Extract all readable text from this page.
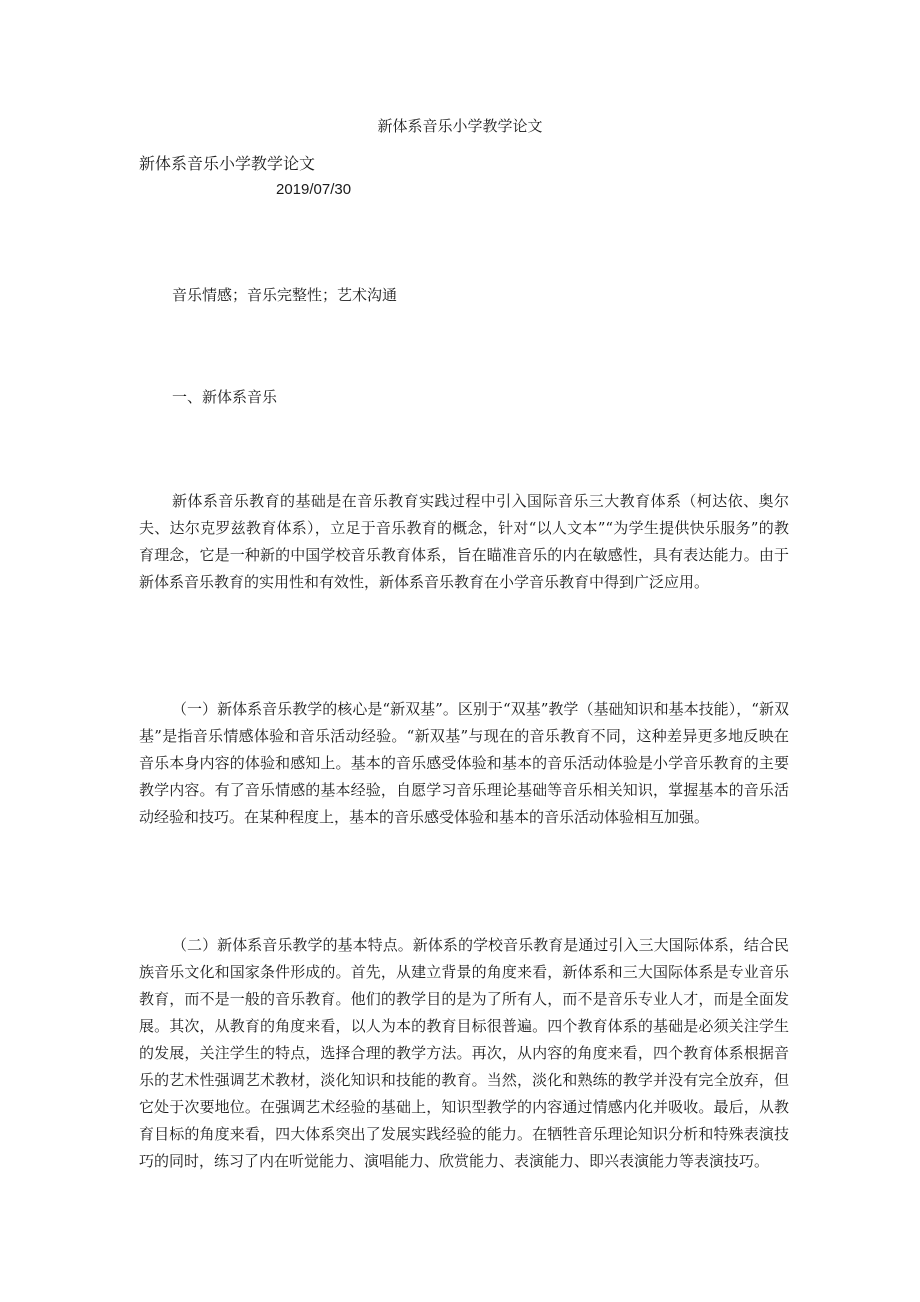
新体系音乐小学教学论文
新体系音乐小学教学论文
2019/07/30
音乐情感；音乐完整性；艺术沟通
一、新体系音乐

新体系音乐教育的基础是在音乐教育实践过程中引入国际音乐三大教育体系（柯达依、奥尔夫、达尔克罗兹教育体系），立足于音乐教育的概念，针对“以人文本”“为学生提供快乐服务”的教育理念，它是一种新的中国学校音乐教育体系，旨在瞄准音乐的内在敏感性，具有表达能力。由于新体系音乐教育的实用性和有效性，新体系音乐教育在小学音乐教育中得到广泛应用。

（一）新体系音乐教学的核心是“新双基”。区别于“双基”教学（基础知识和基本技能），“新双基”是指音乐情感体验和音乐活动经验。“新双基”与现在的音乐教育不同，这种差异更多地反映在音乐本身内容的体验和感知上。基本的音乐感受体验和基本的音乐活动体验是小学音乐教育的主要教学内容。有了音乐情感的基本经验，自愿学习音乐理论基础等音乐相关知识，掌握基本的音乐活动经验和技巧。在某种程度上，基本的音乐感受体验和基本的音乐活动体验相互加强。

（二）新体系音乐教学的基本特点。新体系的学校音乐教育是通过引入三大国际体系，结合民族音乐文化和国家条件形成的。首先，从建立背景的角度来看，新体系和三大国际体系是专业音乐教育，而不是一般的音乐教育。他们的教学目的是为了所有人，而不是音乐专业人才，而是全面发展。其次，从教育的角度来看，以人为本的教育目标很普遍。四个教育体系的基础是必须关注学生的发展，关注学生的特点，选择合理的教学方法。再次，从内容的角度来看，四个教育体系根据音乐的艺术性强调艺术教材，淡化知识和技能的教育。当然，淡化和熟练的教学并没有完全放弃，但它处于次要地位。在强调艺术经验的基础上，知识型教学的内容通过情感内化并吸收。最后，从教育目标的角度来看，四大体系突出了发展实践经验的能力。在牺牲音乐理论知识分析和特殊表演技巧的同时，练习了内在听觉能力、演唱能力、欣赏能力、表演能力、即兴表演能力等表演技巧。
